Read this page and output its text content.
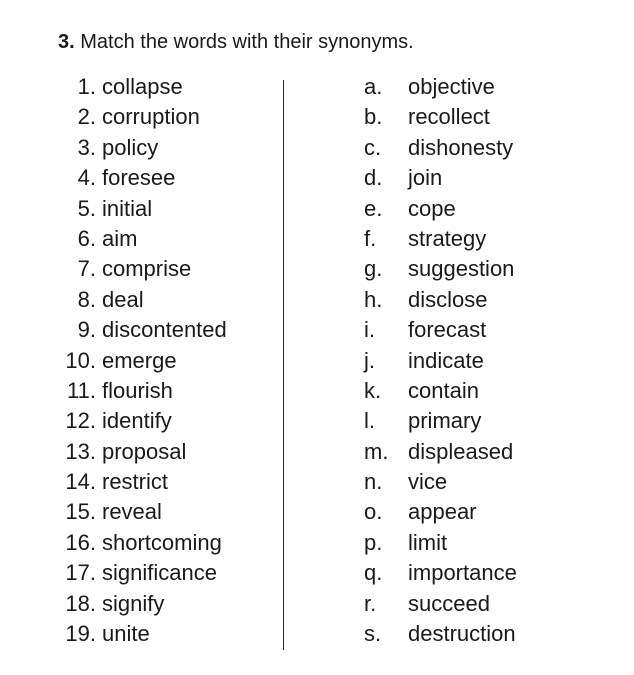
3. Match the words with their synonyms.
1. collapse
2. corruption
3. policy
4. foresee
5. initial
6. aim
7. comprise
8. deal
9. discontented
10. emerge
11. flourish
12. identify
13. proposal
14. restrict
15. reveal
16. shortcoming
17. significance
18. signify
19. unite
a.	objective
b.	recollect
c.	dishonesty
d.	join
e.	cope
f.	strategy
g.	suggestion
h.	disclose
i.	forecast
j.	indicate
k.	contain
l.	primary
m. displeased
n.	vice
o.	appear
p.	limit
q.	importance
r.	succeed
s.	destruction
